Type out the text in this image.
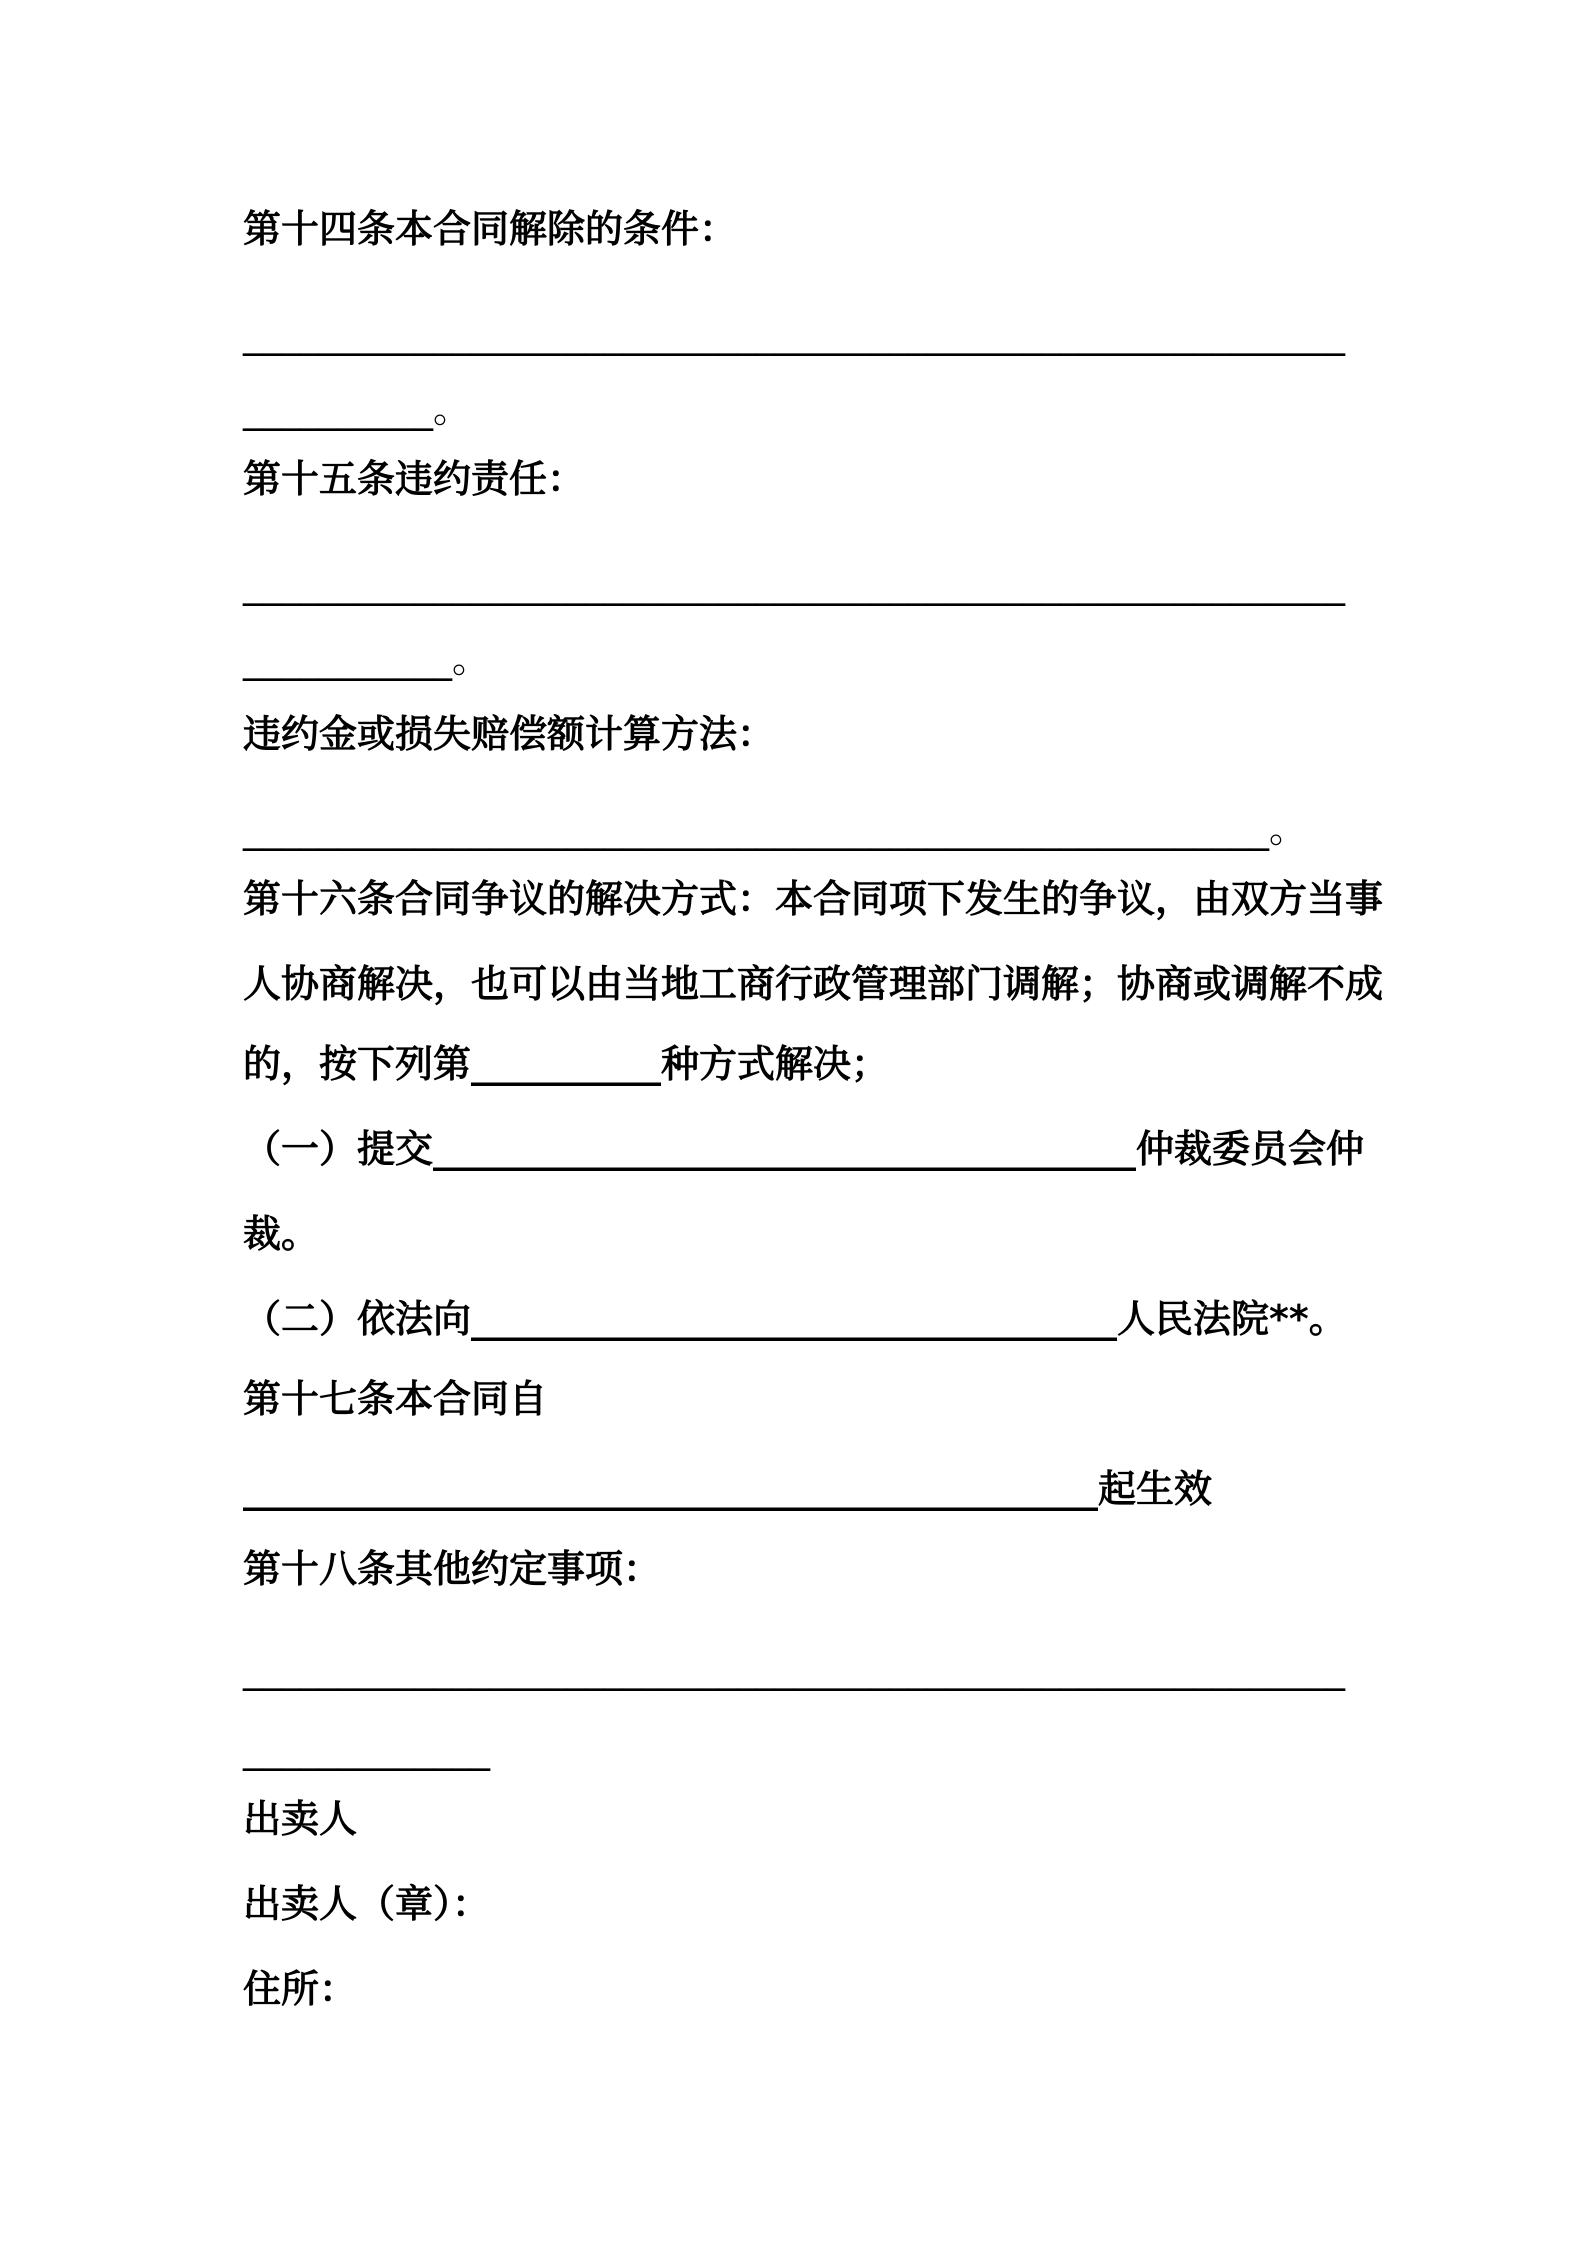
第十四条本合同解除的条件：
__________________________________________________________
__________。
第十五条违约责任：
__________________________________________________________
___________。
违约金或损失赔偿额计算方法：
______________________________________________________。
第十六条合同争议的解决方式：本合同项下发生的争议，由双方当事
人协商解决，也可以由当地工商行政管理部门调解；协商或调解不成
的，按下列第__________种方式解决；
（一）提交_____________________________________仲裁委员会仲
裁。
（二）依法向__________________________________人民法院**。
第十七条本合同自
_____________________________________________起生效
第十八条其他约定事项：
__________________________________________________________
_____________
出卖人
出卖人（章）：
住所：
